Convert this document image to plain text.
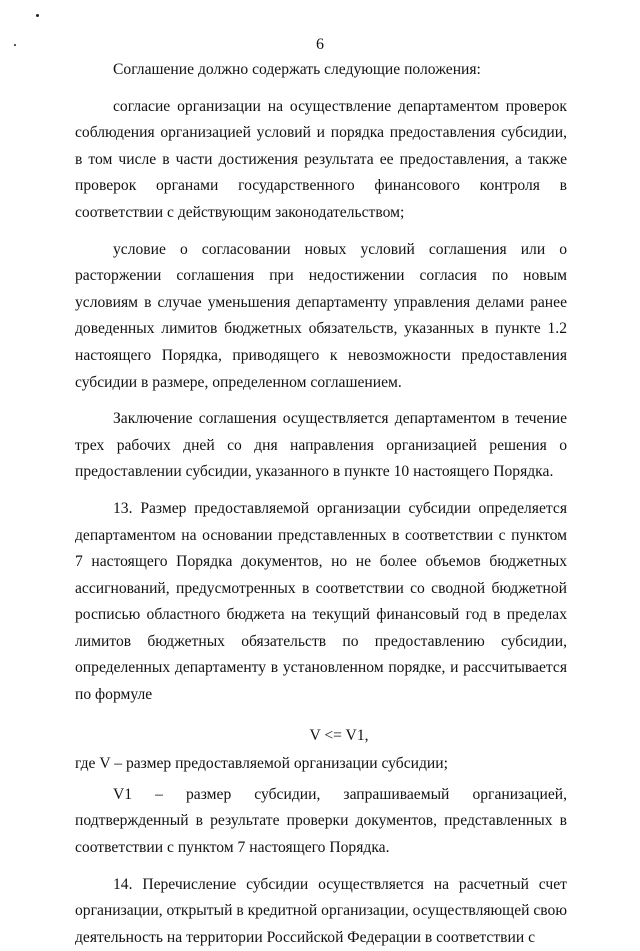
6

Соглашение должно содержать следующие положения:

согласие организации на осуществление департаментом проверок соблюдения организацией условий и порядка предоставления субсидии, в том числе в части достижения результата ее предоставления, а также проверок органами государственного финансового контроля в соответствии с действующим законодательством;

условие о согласовании новых условий соглашения или о расторжении соглашения при недостижении согласия по новым условиям в случае уменьшения департаменту управления делами ранее доведенных лимитов бюджетных обязательств, указанных в пункте 1.2 настоящего Порядка, приводящего к невозможности предоставления субсидии в размере, определенном соглашением.

Заключение соглашения осуществляется департаментом в течение трех рабочих дней со дня направления организацией решения о предоставлении субсидии, указанного в пункте 10 настоящего Порядка.

13. Размер предоставляемой организации субсидии определяется департаментом на основании представленных в соответствии с пунктом 7 настоящего Порядка документов, но не более объемов бюджетных ассигнований, предусмотренных в соответствии со сводной бюджетной росписью областного бюджета на текущий финансовый год в пределах лимитов бюджетных обязательств по предоставлению субсидии, определенных департаменту в установленном порядке, и рассчитывается по формуле

V <= V1,

где V – размер предоставляемой организации субсидии;

V1 – размер субсидии, запрашиваемый организацией, подтвержденный в результате проверки документов, представленных в соответствии с пунктом 7 настоящего Порядка.

14. Перечисление субсидии осуществляется на расчетный счет организации, открытый в кредитной организации, осуществляющей свою деятельность на территории Российской Федерации в соответствии с
